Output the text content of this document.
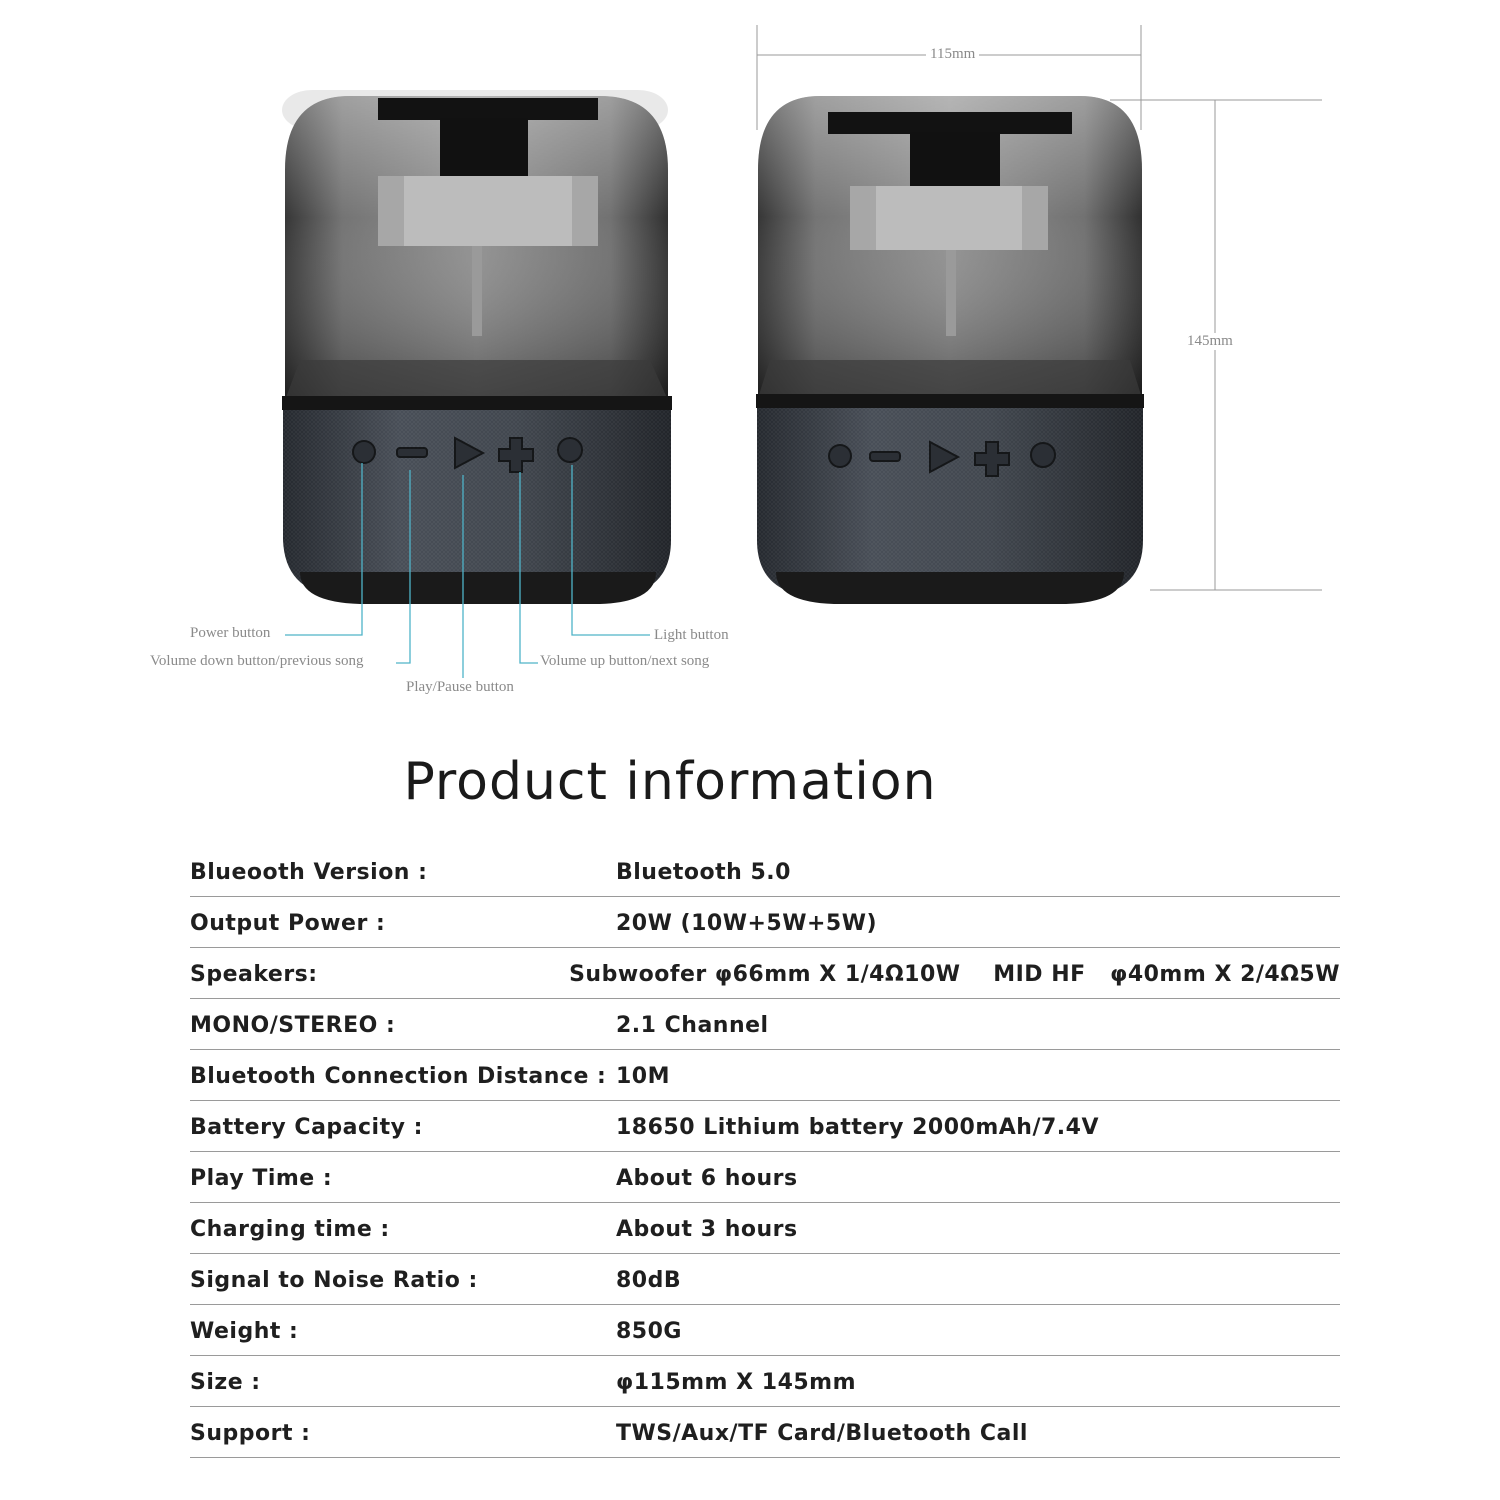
115mm
145mm
Power button
Volume down button/previous song
Play/Pause button
Volume up button/next song
Light button
Product information
Blueooth Version :	Bluetooth 5.0
Output Power :	20W (10W+5W+5W)
Speakers:	Subwoofer φ66mm X 1/4Ω10W    MID HF   φ40mm X 2/4Ω5W
MONO/STEREO :	2.1 Channel
Bluetooth Connection Distance : 10M
Battery Capacity :	18650 Lithium battery 2000mAh/7.4V
Play Time :	About 6 hours
Charging time :	About 3 hours
Signal to Noise Ratio :	80dB
Weight :	850G
Size :	φ115mm X 145mm
Support :	TWS/Aux/TF Card/Bluetooth Call
